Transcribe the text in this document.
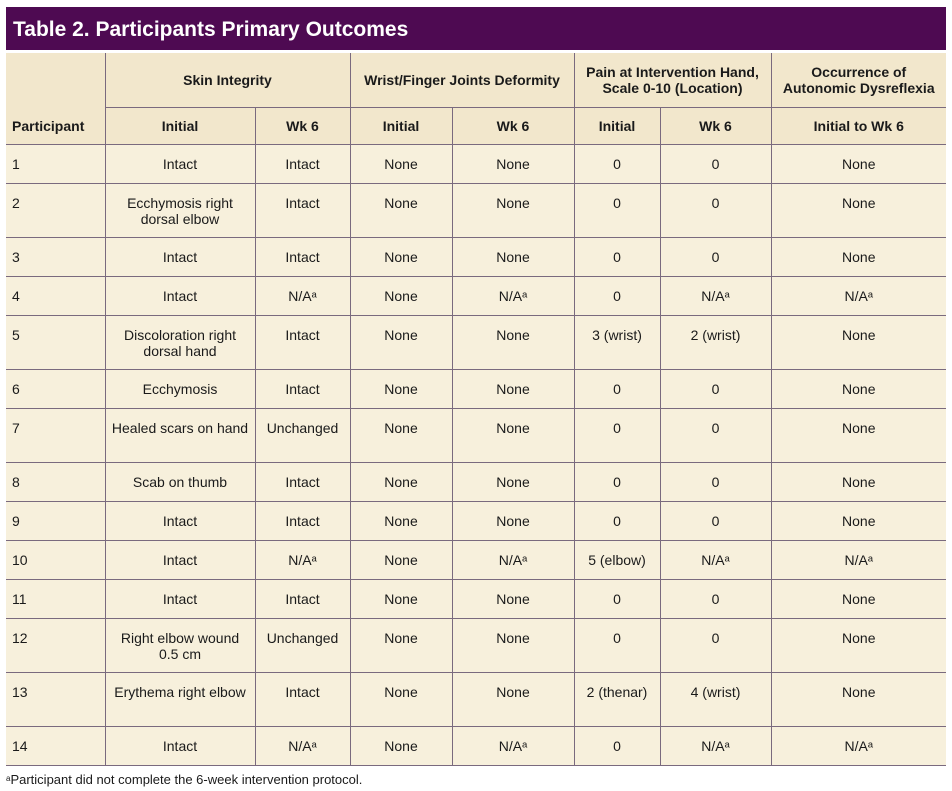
Table 2. Participants Primary Outcomes
Participant	Skin Integrity		Wrist/Finger Joints Deformity		Pain at Intervention Hand, Scale 0-10 (Location)		Occurrence of Autonomic Dysreflexia
	Initial	Wk 6	Initial	Wk 6	Initial	Wk 6	Initial to Wk 6
1	Intact	Intact	None	None	0	0	None
2	Ecchymosis right dorsal elbow	Intact	None	None	0	0	None
3	Intact	Intact	None	None	0	0	None
4	Intact	N/Aᵃ	None	N/Aᵃ	0	N/Aᵃ	N/Aᵃ
5	Discoloration right dorsal hand	Intact	None	None	3 (wrist)	2 (wrist)	None
6	Ecchymosis	Intact	None	None	0	0	None
7	Healed scars on hand	Unchanged	None	None	0	0	None
8	Scab on thumb	Intact	None	None	0	0	None
9	Intact	Intact	None	None	0	0	None
10	Intact	N/Aᵃ	None	N/Aᵃ	5 (elbow)	N/Aᵃ	N/Aᵃ
11	Intact	Intact	None	None	0	0	None
12	Right elbow wound 0.5 cm	Unchanged	None	None	0	0	None
13	Erythema right elbow	Intact	None	None	2 (thenar)	4 (wrist)	None
14	Intact	N/Aᵃ	None	N/Aᵃ	0	N/Aᵃ	N/Aᵃ
$^a$Participant did not complete the 6-week intervention protocol.
